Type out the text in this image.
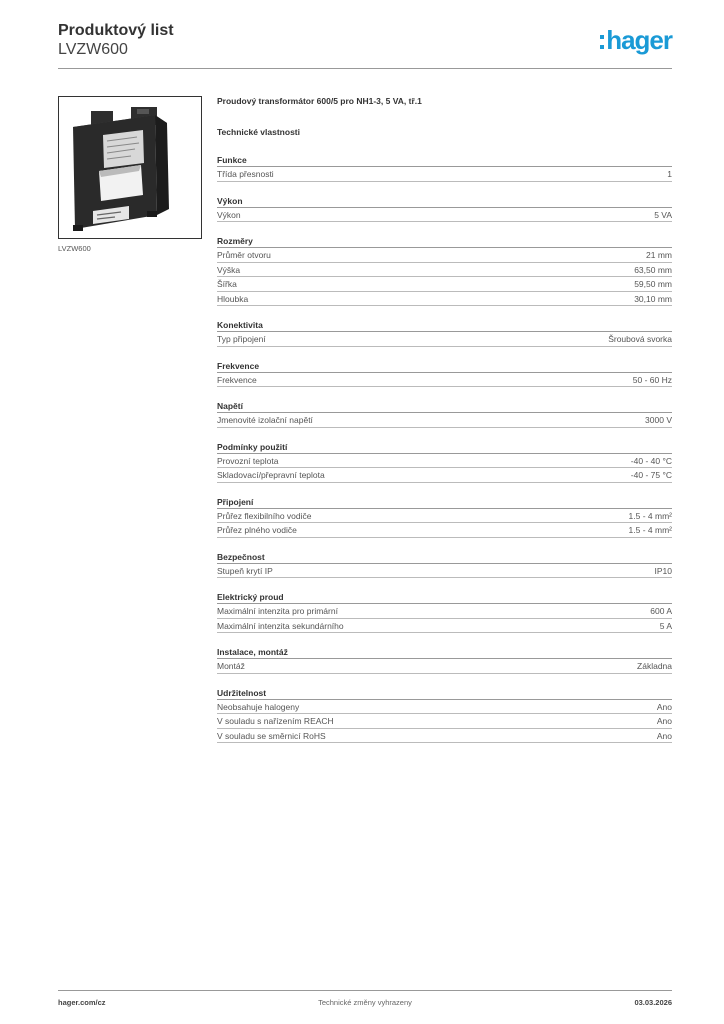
Produktový list
LVZW600	hager
LVZW600
Proudový transformátor 600/5 pro NH1-3, 5 VA, tř.1
Technické vlastnosti
Funkce
Třída přesnosti	1
Výkon
Výkon	5 VA
Rozměry
Průměr otvoru	21 mm
Výška	63,50 mm
Šířka	59,50 mm
Hloubka	30,10 mm
Konektivita
Typ připojení	Šroubová svorka
Frekvence
Frekvence	50 - 60 Hz
Napětí
Jmenovité izolační napětí	3000 V
Podmínky použití
Provozní teplota	-40 - 40 °C
Skladovací/přepravní teplota	-40 - 75 °C
Připojení
Průřez flexibilního vodiče	1.5 - 4 mm²
Průřez plného vodiče	1.5 - 4 mm²
Bezpečnost
Stupeň krytí IP	IP10
Elektrický proud
Maximální intenzita pro primární	600 A
Maximální intenzita sekundárního	5 A
Instalace, montáž
Montáž	Základna
Udržitelnost
Neobsahuje halogeny	Ano
V souladu s nařízením REACH	Ano
V souladu se směrnicí RoHS	Ano
hager.com/cz	Technické změny vyhrazeny	03.03.2026
